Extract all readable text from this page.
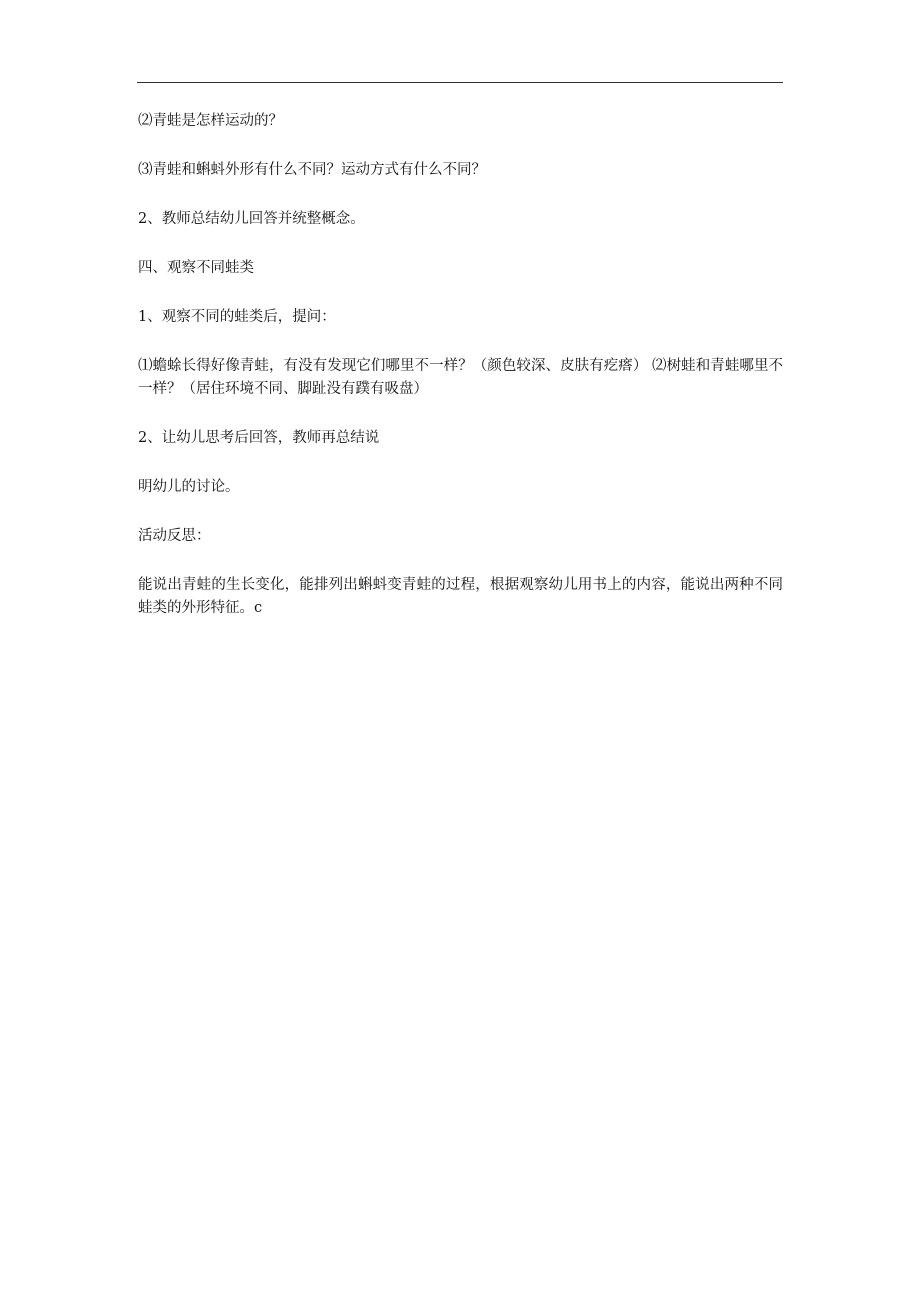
⑵青蛙是怎样运动的？

⑶青蛙和蝌蚪外形有什么不同？运动方式有什么不同？

2、教师总结幼儿回答并统整概念。

四、观察不同蛙类

1、观察不同的蛙类后，提问：

⑴蟾蜍长得好像青蛙，有没有发现它们哪里不一样？（颜色较深、皮肤有疙瘩） ⑵树蛙和青蛙哪里不一样？（居住环境不同、脚趾没有蹼有吸盘）

2、让幼儿思考后回答，教师再总结说

明幼儿的讨论。

活动反思：

能说出青蛙的生长变化，能排列出蝌蚪变青蛙的过程，根据观察幼儿用书上的内容，能说出两种不同蛙类的外形特征。c
